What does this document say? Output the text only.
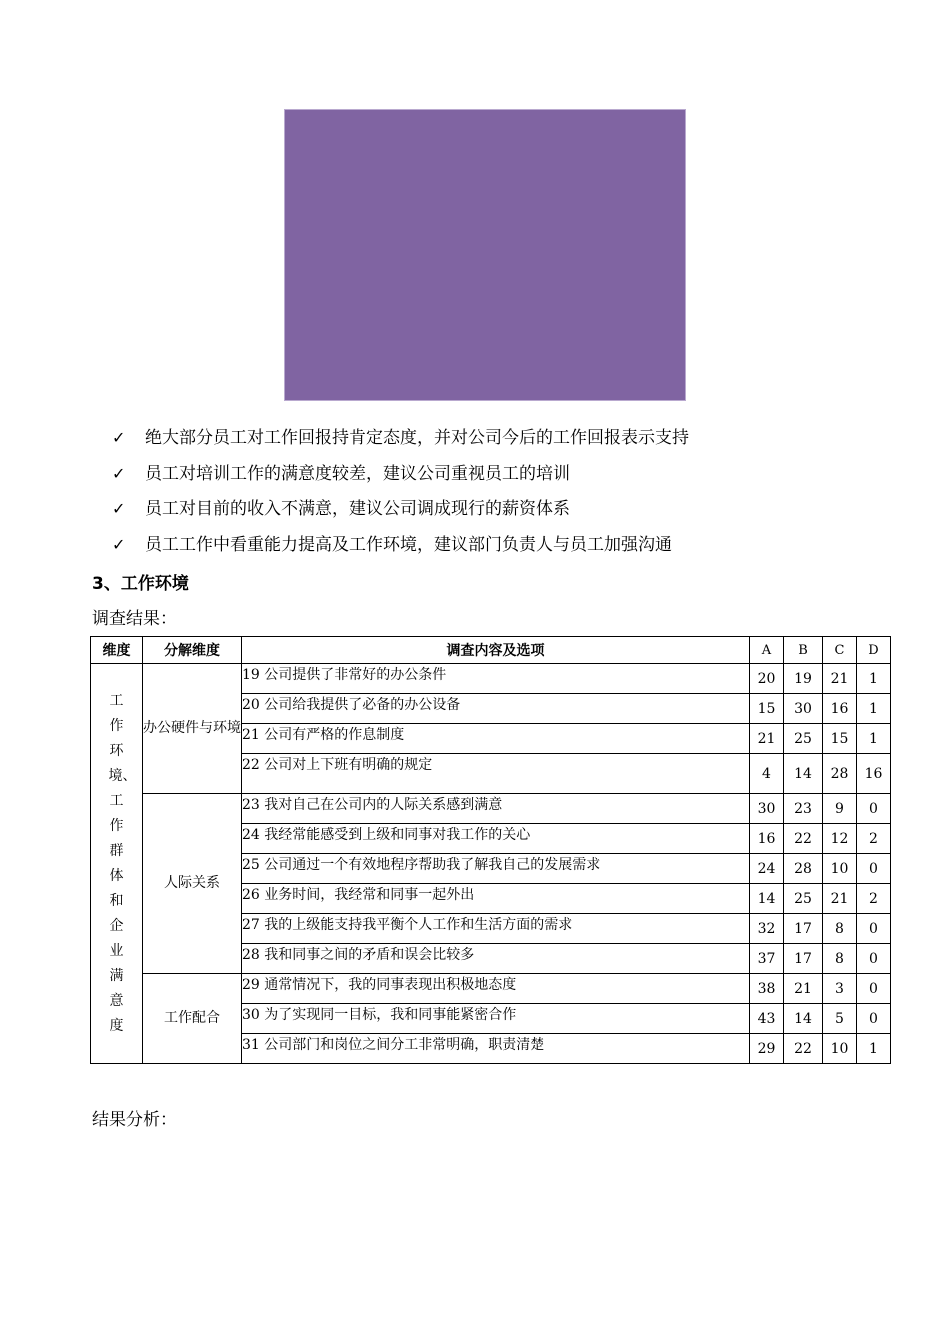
✓ 绝大部分员工对工作回报持肯定态度，并对公司今后的工作回报表示支持
✓ 员工对培训工作的满意度较差，建议公司重视员工的培训
✓ 员工对目前的收入不满意，建议公司调成现行的薪资体系
✓ 员工工作中看重能力提高及工作环境，建议部门负责人与员工加强沟通
3、工作环境
调查结果：
维度	分解维度	调查内容及选项	A	B	C	D
工作环境、工作群体和企业满意度	办公硬件与环境	19 公司提供了非常好的办公条件	20	19	21	1
		20 公司给我提供了必备的办公设备	15	30	16	1
		21 公司有严格的作息制度	21	25	15	1
		22 公司对上下班有明确的规定	4	14	28	16
	人际关系	23 我对自己在公司内的人际关系感到满意	30	23	9	0
		24 我经常能感受到上级和同事对我工作的关心	16	22	12	2
		25 公司通过一个有效地程序帮助我了解我自己的发展需求	24	28	10	0
		26 业务时间，我经常和同事一起外出	14	25	21	2
		27 我的上级能支持我平衡个人工作和生活方面的需求	32	17	8	0
		28 我和同事之间的矛盾和误会比较多	37	17	8	0
	工作配合	29 通常情况下，我的同事表现出积极地态度	38	21	3	0
		30 为了实现同一目标，我和同事能紧密合作	43	14	5	0
		31 公司部门和岗位之间分工非常明确，职责清楚	29	22	10	1
结果分析：
